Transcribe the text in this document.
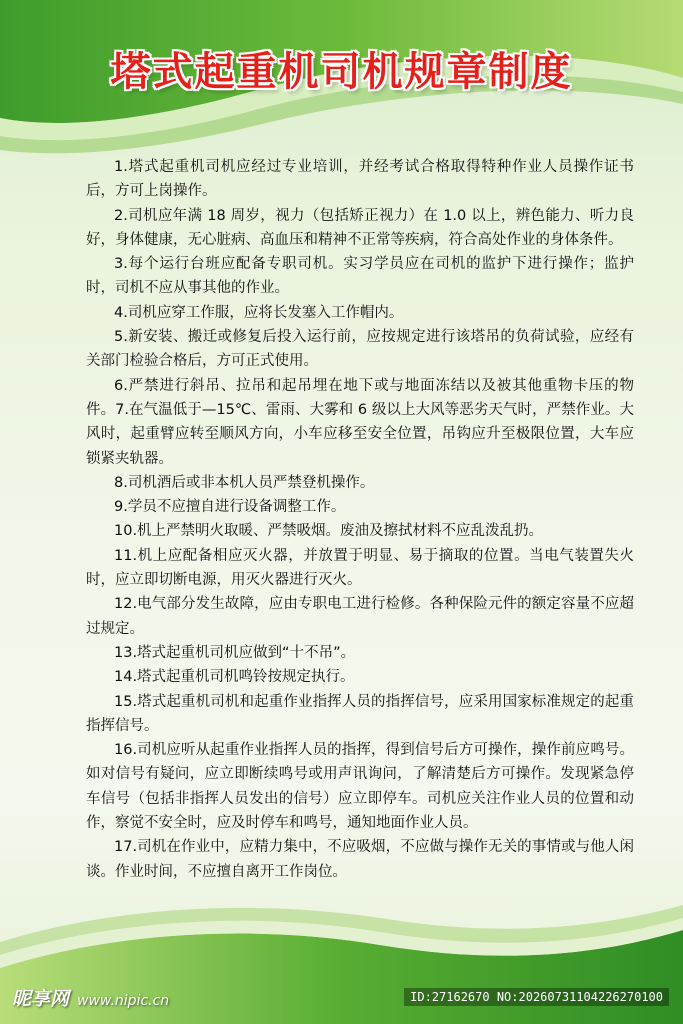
塔式起重机司机规章制度

1.塔式起重机司机应经过专业培训，并经考试合格取得特种作业人员操作证书后，方可上岗操作。

2.司机应年满 18 周岁，视力（包括矫正视力）在 1.0 以上，辨色能力、听力良好，身体健康，无心脏病、高血压和精神不正常等疾病，符合高处作业的身体条件。

3.每个运行台班应配备专职司机。实习学员应在司机的监护下进行操作；监护时，司机不应从事其他的作业。

4.司机应穿工作服，应将长发塞入工作帽内。

5.新安装、搬迁或修复后投入运行前，应按规定进行该塔吊的负荷试验，应经有关部门检验合格后，方可正式使用。

6.严禁进行斜吊、拉吊和起吊埋在地下或与地面冻结以及被其他重物卡压的物件。7.在气温低于—15℃、雷雨、大雾和 6 级以上大风等恶劣天气时，严禁作业。大风时，起重臂应转至顺风方向，小车应移至安全位置，吊钩应升至极限位置，大车应锁紧夹轨器。

8.司机酒后或非本机人员严禁登机操作。

9.学员不应擅自进行设备调整工作。

10.机上严禁明火取暖、严禁吸烟。废油及擦拭材料不应乱泼乱扔。

11.机上应配备相应灭火器，并放置于明显、易于摘取的位置。当电气装置失火时，应立即切断电源，用灭火器进行灭火。

12.电气部分发生故障，应由专职电工进行检修。各种保险元件的额定容量不应超过规定。

13.塔式起重机司机应做到“十不吊”。

14.塔式起重机司机鸣铃按规定执行。

15.塔式起重机司机和起重作业指挥人员的指挥信号，应采用国家标准规定的起重指挥信号。

16.司机应听从起重作业指挥人员的指挥，得到信号后方可操作，操作前应鸣号。如对信号有疑问，应立即断续鸣号或用声讯询问，了解清楚后方可操作。发现紧急停车信号（包括非指挥人员发出的信号）应立即停车。司机应关注作业人员的位置和动作，察觉不安全时，应及时停车和鸣号，通知地面作业人员。

17.司机在作业中，应精力集中，不应吸烟，不应做与操作无关的事情或与他人闲谈。作业时间，不应擅自离开工作岗位。

昵享网 www.nipic.cn	ID:27162670 NO:20260731104226270100
